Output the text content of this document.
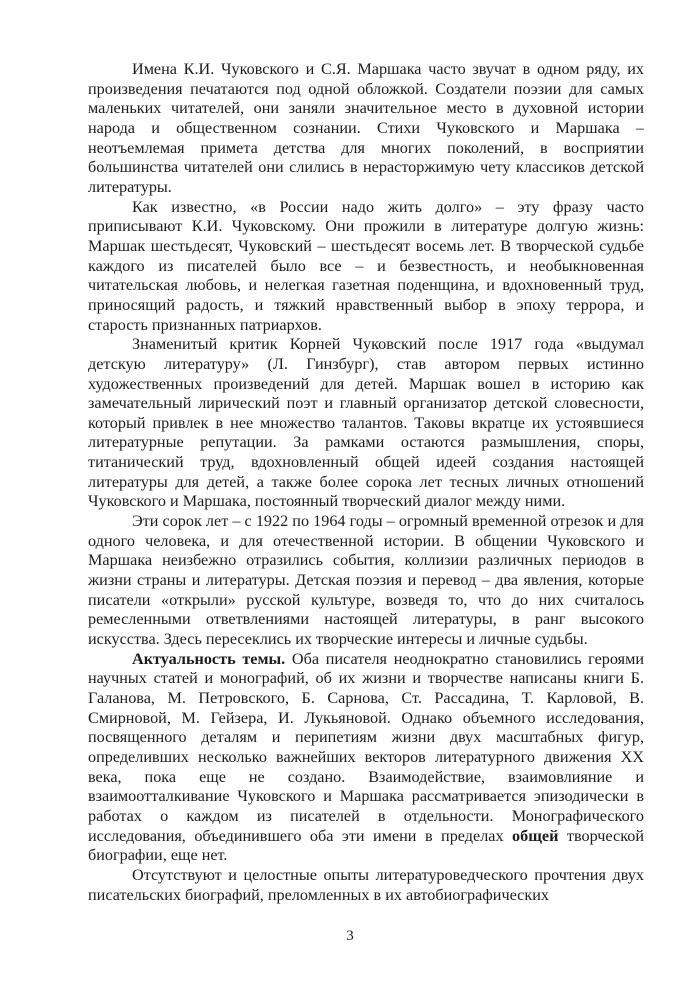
Имена К.И. Чуковского и С.Я. Маршака часто звучат в одном ряду, их произведения печатаются под одной обложкой. Создатели поэзии для самых маленьких читателей, они заняли значительное место в духовной истории народа и общественном сознании. Стихи Чуковского и Маршака – неотъемлемая примета детства для многих поколений, в восприятии большинства читателей они слились в нерасторжимую чету классиков детской литературы.

Как известно, «в России надо жить долго» – эту фразу часто приписывают К.И. Чуковскому. Они прожили в литературе долгую жизнь: Маршак шестьдесят, Чуковский – шестьдесят восемь лет. В творческой судьбе каждого из писателей было все – и безвестность, и необыкновенная читательская любовь, и нелегкая газетная поденщина, и вдохновенный труд, приносящий радость, и тяжкий нравственный выбор в эпоху террора, и старость признанных патриархов.

Знаменитый критик Корней Чуковский после 1917 года «выдумал детскую литературу» (Л. Гинзбург), став автором первых истинно художественных произведений для детей. Маршак вошел в историю как замечательный лирический поэт и главный организатор детской словесности, который привлек в нее множество талантов. Таковы вкратце их устоявшиеся литературные репутации. За рамками остаются размышления, споры, титанический труд, вдохновленный общей идеей создания настоящей литературы для детей, а также более сорока лет тесных личных отношений Чуковского и Маршака, постоянный творческий диалог между ними.

Эти сорок лет – с 1922 по 1964 годы – огромный временной отрезок и для одного человека, и для отечественной истории. В общении Чуковского и Маршака неизбежно отразились события, коллизии различных периодов в жизни страны и литературы. Детская поэзия и перевод – два явления, которые писатели «открыли» русской культуре, возведя то, что до них считалось ремесленными ответвлениями настоящей литературы, в ранг высокого искусства. Здесь пересеклись их творческие интересы и личные судьбы.

Актуальность темы. Оба писателя неоднократно становились героями научных статей и монографий, об их жизни и творчестве написаны книги Б. Галанова, М. Петровского, Б. Сарнова, Ст. Рассадина, Т. Карловой, В. Смирновой, М. Гейзера, И. Лукьяновой. Однако объемного исследования, посвященного деталям и перипетиям жизни двух масштабных фигур, определивших несколько важнейших векторов литературного движения XX века, пока еще не создано. Взаимодействие, взаимовлияние и взаимоотталкивание Чуковского и Маршака рассматривается эпизодически в работах о каждом из писателей в отдельности. Монографического исследования, объединившего оба эти имени в пределах общей творческой биографии, еще нет.

Отсутствуют и целостные опыты литературоведческого прочтения двух писательских биографий, преломленных в их автобиографических

3
